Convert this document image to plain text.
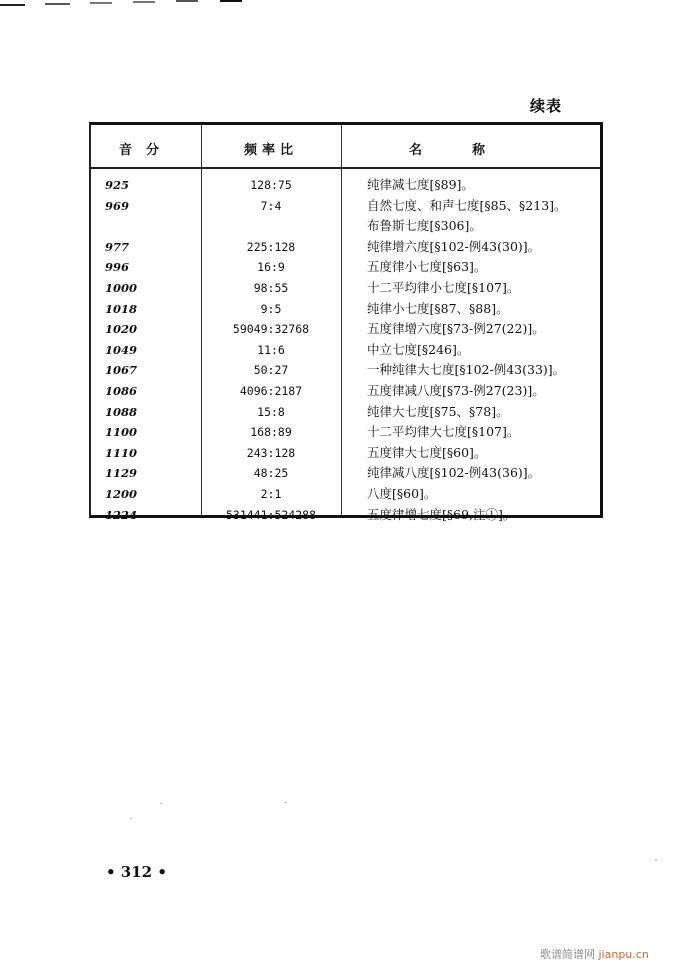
续表
音分	频率比	名称
925	128:75	纯律减七度[§89]。
969	7:4	自然七度、和声七度[§85、§213]。
布鲁斯七度[§306]。
977	225:128	纯律增六度[§102-例43(30)]。
996	16:9	五度律小七度[§63]。
1000	98:55	十二平均律小七度[§107]。
1018	9:5	纯律小七度[§87、§88]。
1020	59049:32768	五度律增六度[§73-例27(22)]。
1049	11:6	中立七度[§246]。
1067	50:27	一种纯律大七度[§102-例43(33)]。
1086	4096:2187	五度律减八度[§73-例27(23)]。
1088	15:8	纯律大七度[§75、§78]。
1100	168:89	十二平均律大七度[§107]。
1110	243:128	五度律大七度[§60]。
1129	48:25	纯律减八度[§102-例43(36)]。
1200	2:1	八度[§60]。
1224	531441:524288	五度律增七度[§69,注①]。
• 312 •
歌谱简谱网 jianpu.cn
